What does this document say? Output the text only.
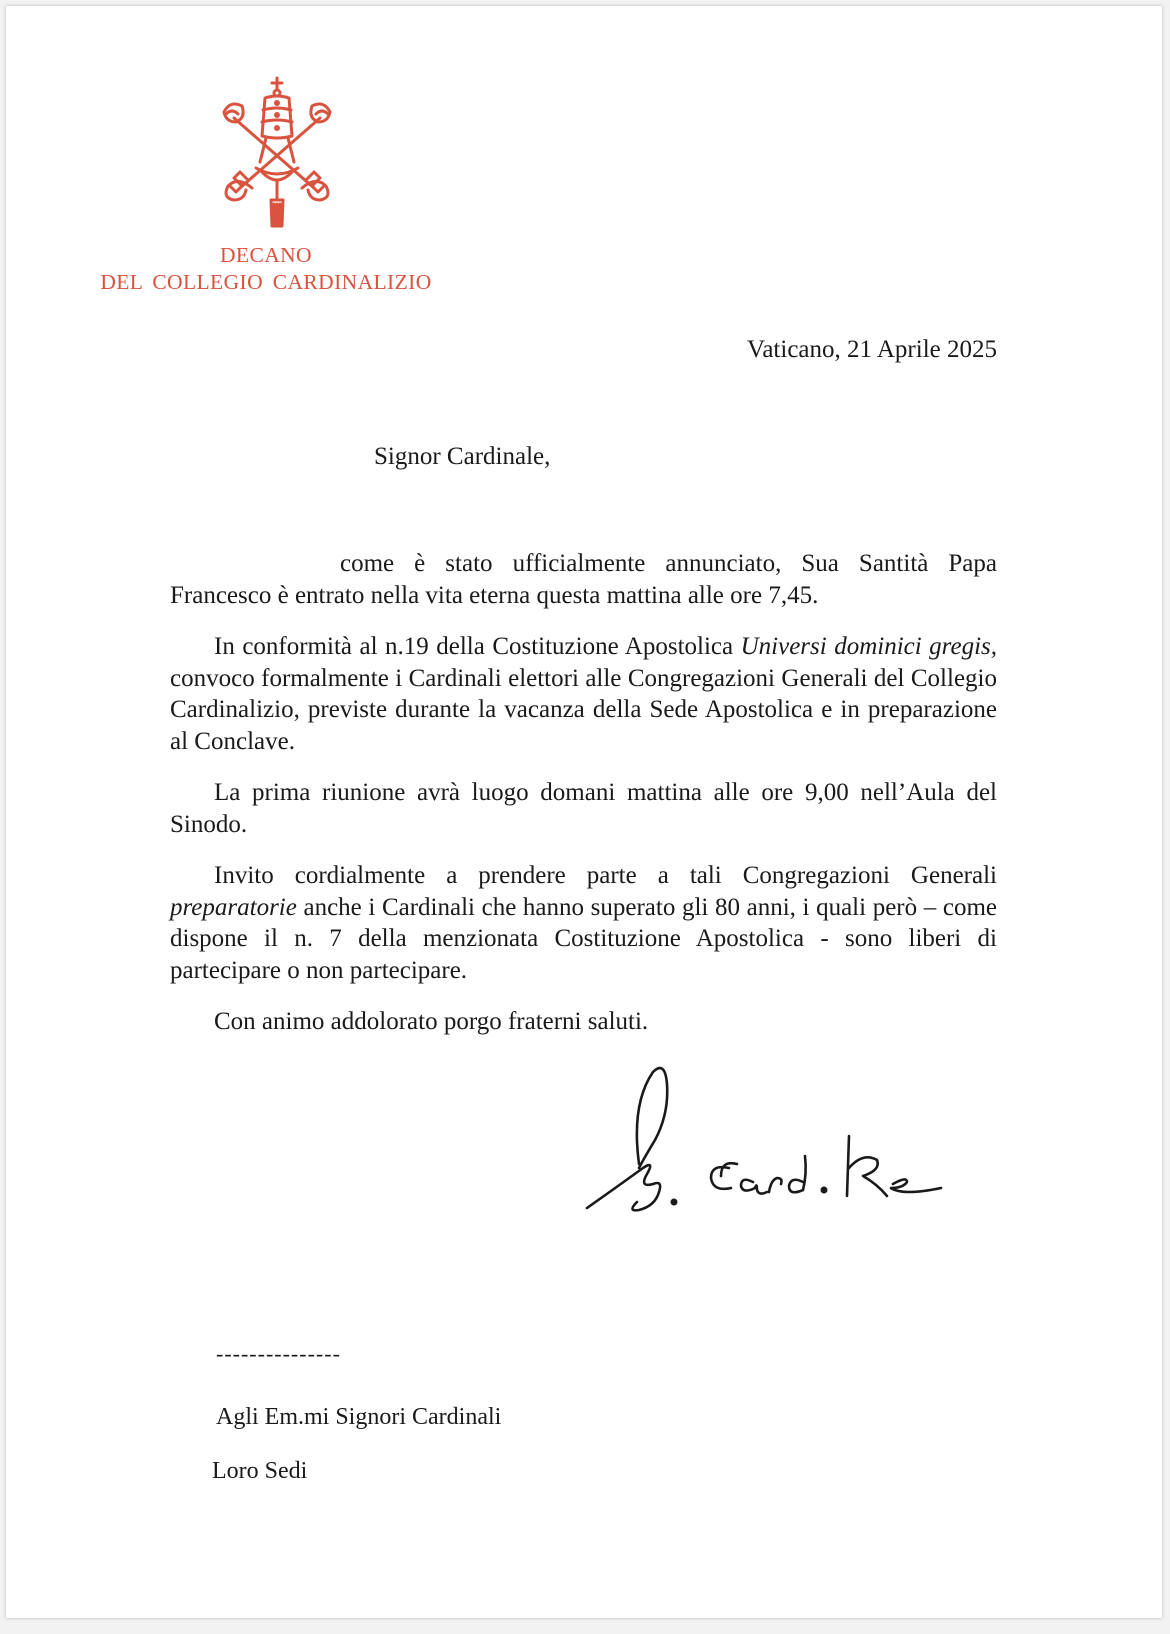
DECANO
DEL COLLEGIO CARDINALIZIO
Vaticano, 21 Aprile 2025
Signor Cardinale,

come è stato ufficialmente annunciato, Sua Santità Papa Francesco è entrato nella vita eterna questa mattina alle ore 7,45.

In conformità al n.19 della Costituzione Apostolica Universi dominici gregis, convoco formalmente i Cardinali elettori alle Congregazioni Generali del Collegio Cardinalizio, previste durante la vacanza della Sede Apostolica e in preparazione al Conclave.

La prima riunione avrà luogo domani mattina alle ore 9,00 nell’Aula del Sinodo.

Invito cordialmente a prendere parte a tali Congregazioni Generali preparatorie anche i Cardinali che hanno superato gli 80 anni, i quali però – come dispone il n. 7 della menzionata Costituzione Apostolica - sono liberi di partecipare o non partecipare.

Con animo addolorato porgo fraterni saluti.

---------------
Agli Em.mi Signori Cardinali
Loro Sedi
